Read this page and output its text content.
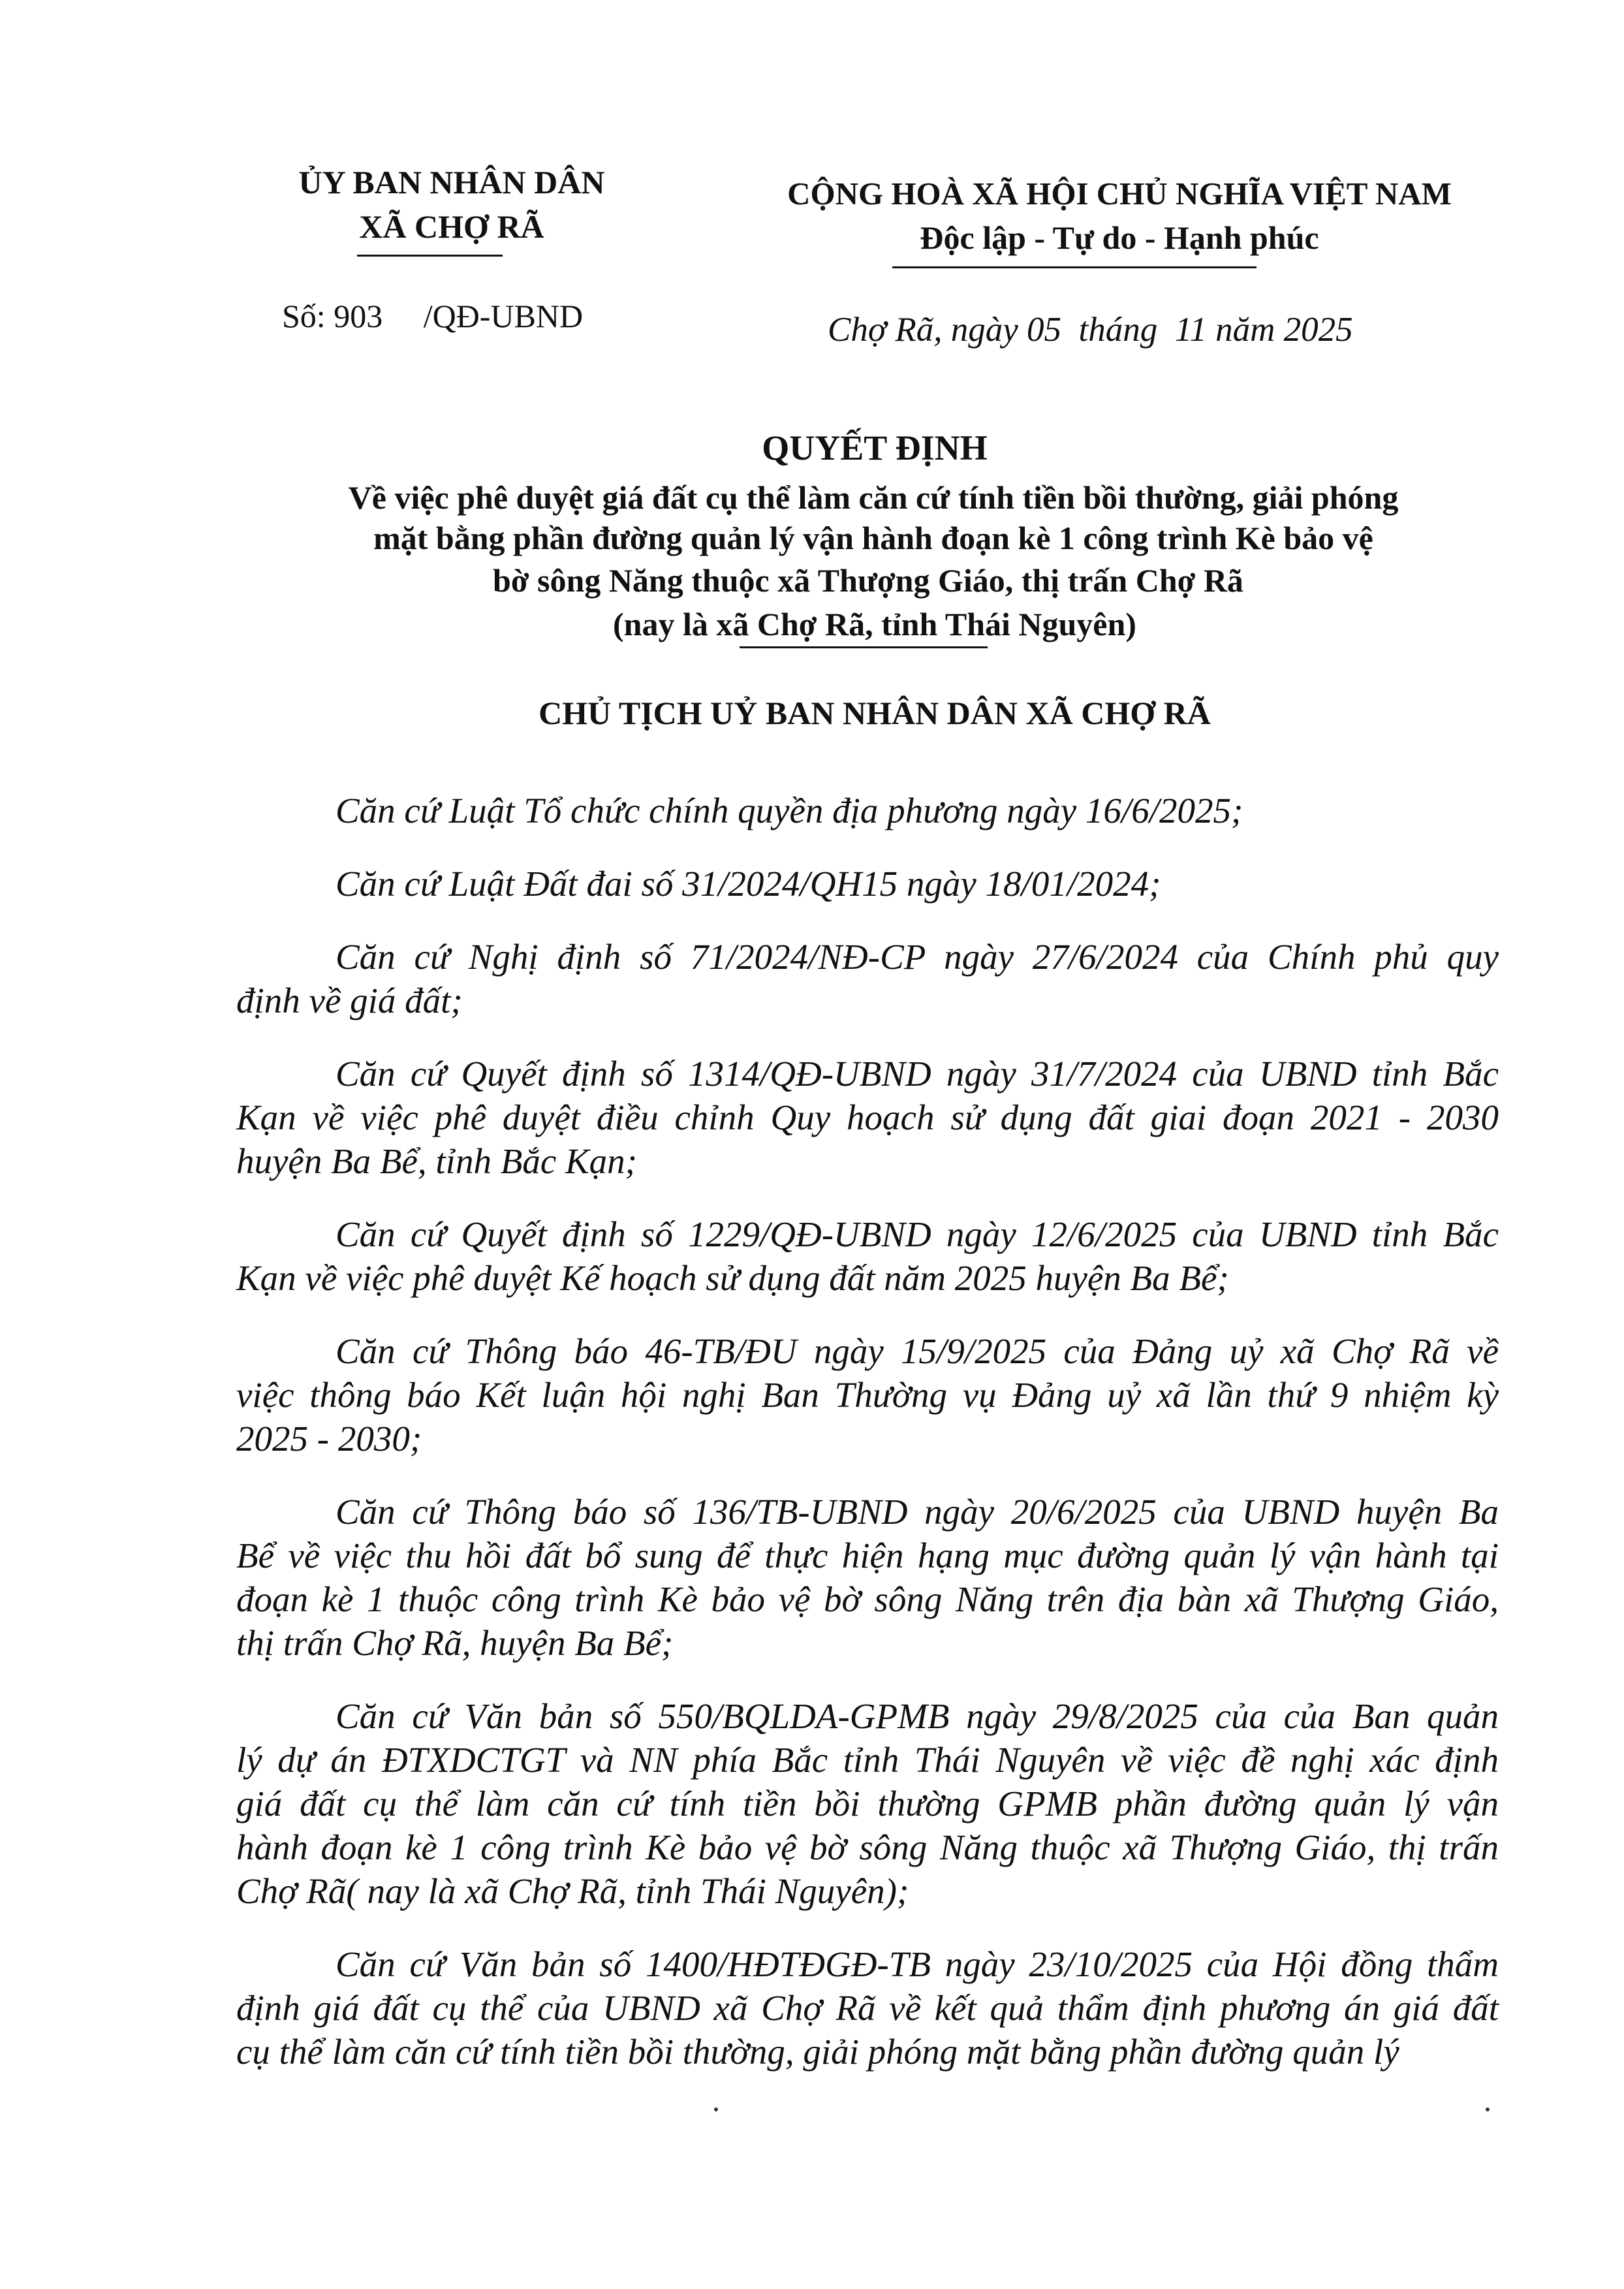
ỦY BAN NHÂN DÂN
XÃ CHỢ RÃ
CỘNG HOÀ XÃ HỘI CHỦ NGHĨA VIỆT NAM
Độc lập - Tự do - Hạnh phúc
Số: 903     /QĐ-UBND	Chợ Rã, ngày 05  tháng  11 năm 2025
QUYẾT ĐỊNH
Về việc phê duyệt giá đất cụ thể làm căn cứ tính tiền bồi thường, giải phóng
mặt bằng phần đường quản lý vận hành đoạn kè 1 công trình Kè bảo vệ
bờ sông Năng thuộc xã Thượng Giáo, thị trấn Chợ Rã
(nay là xã Chợ Rã, tỉnh Thái Nguyên)
CHỦ TỊCH UỶ BAN NHÂN DÂN XÃ CHỢ RÃ
Căn cứ Luật Tổ chức chính quyền địa phương ngày 16/6/2025;
Căn cứ Luật Đất đai số 31/2024/QH15 ngày 18/01/2024;
Căn cứ Nghị định số 71/2024/NĐ-CP ngày 27/6/2024 của Chính phủ quy
định về giá đất;
Căn cứ Quyết định số 1314/QĐ-UBND ngày 31/7/2024 của UBND tỉnh Bắc
Kạn về việc phê duyệt điều chỉnh Quy hoạch sử dụng đất giai đoạn 2021 - 2030
huyện Ba Bể, tỉnh Bắc Kạn;
Căn cứ Quyết định số 1229/QĐ-UBND ngày 12/6/2025 của UBND tỉnh Bắc
Kạn về việc phê duyệt Kế hoạch sử dụng đất năm 2025 huyện Ba Bể;
Căn cứ Thông báo 46-TB/ĐU ngày 15/9/2025 của Đảng uỷ xã Chợ Rã về
việc thông báo Kết luận hội nghị Ban Thường vụ Đảng uỷ xã lần thứ 9 nhiệm kỳ
2025 - 2030;
Căn cứ Thông báo số 136/TB-UBND ngày 20/6/2025 của UBND huyện Ba
Bể về việc thu hồi đất bổ sung để thực hiện hạng mục đường quản lý vận hành tại
đoạn kè 1 thuộc công trình Kè bảo vệ bờ sông Năng trên địa bàn xã Thượng Giáo,
thị trấn Chợ Rã, huyện Ba Bể;
Căn cứ Văn bản số 550/BQLDA-GPMB ngày 29/8/2025 của của Ban quản
lý dự án ĐTXDCTGT và NN phía Bắc tỉnh Thái Nguyên về việc đề nghị xác định
giá đất cụ thể làm căn cứ tính tiền bồi thường GPMB phần đường quản lý vận
hành đoạn kè 1 công trình Kè bảo vệ bờ sông Năng thuộc xã Thượng Giáo, thị trấn
Chợ Rã( nay là xã Chợ Rã, tỉnh Thái Nguyên);
Căn cứ Văn bản số 1400/HĐTĐGĐ-TB ngày 23/10/2025 của Hội đồng thẩm
định giá đất cụ thể của UBND xã Chợ Rã về kết quả thẩm định phương án giá đất
cụ thể làm căn cứ tính tiền bồi thường, giải phóng mặt bằng phần đường quản lý
